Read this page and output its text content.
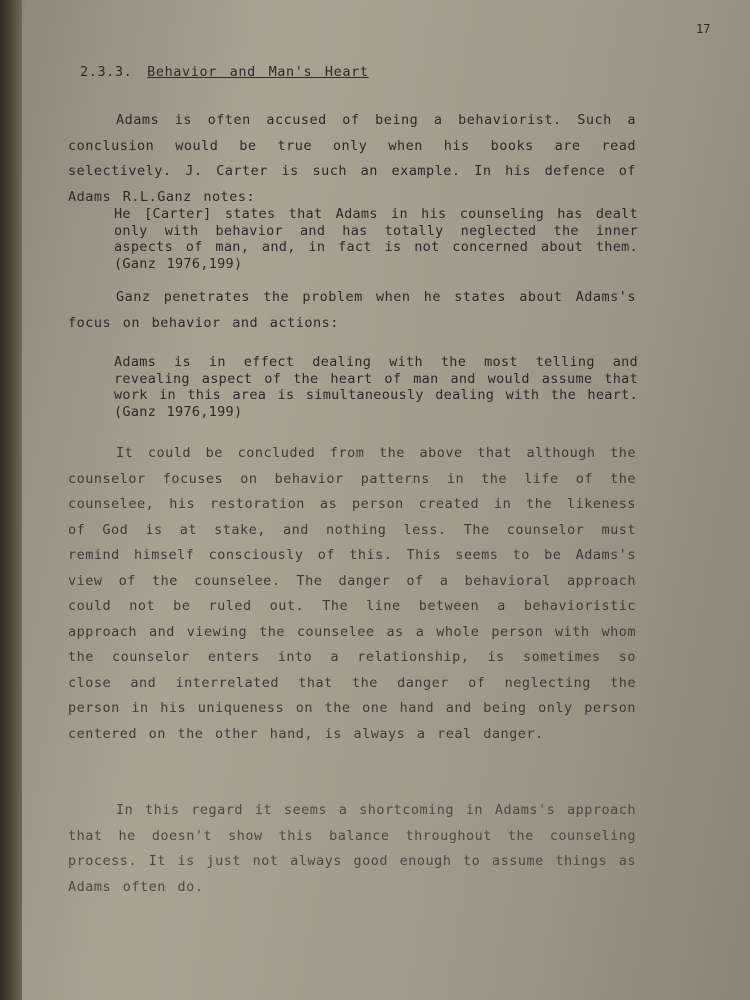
17
2.3.3. Behavior and Man's Heart
Adams is often accused of being a behaviorist. Such a conclusion would be true only when his books are read selectively. J. Carter is such an example. In his defence of Adams R.L.Ganz notes:
He [Carter] states that Adams in his counseling has dealt only with behavior and has totally neglected the inner aspects of man, and, in fact is not concerned about them. (Ganz 1976,199)
Ganz penetrates the problem when he states about Adams's focus on behavior and actions:
Adams is in effect dealing with the most telling and revealing aspect of the heart of man and would assume that work in this area is simultaneously dealing with the heart. (Ganz 1976,199)
It could be concluded from the above that although the counselor focuses on behavior patterns in the life of the counselee, his restoration as person created in the likeness of God is at stake, and nothing less. The counselor must remind himself consciously of this. This seems to be Adams's view of the counselee. The danger of a behavioral approach could not be ruled out. The line between a behavioristic approach and viewing the counselee as a whole person with whom the counselor enters into a relationship, is sometimes so close and interrelated that the danger of neglecting the person in his uniqueness on the one hand and being only person centered on the other hand, is always a real danger.
In this regard it seems a shortcoming in Adams's approach that he doesn't show this balance throughout the counseling process. It is just not always good enough to assume things as Adams often do.
